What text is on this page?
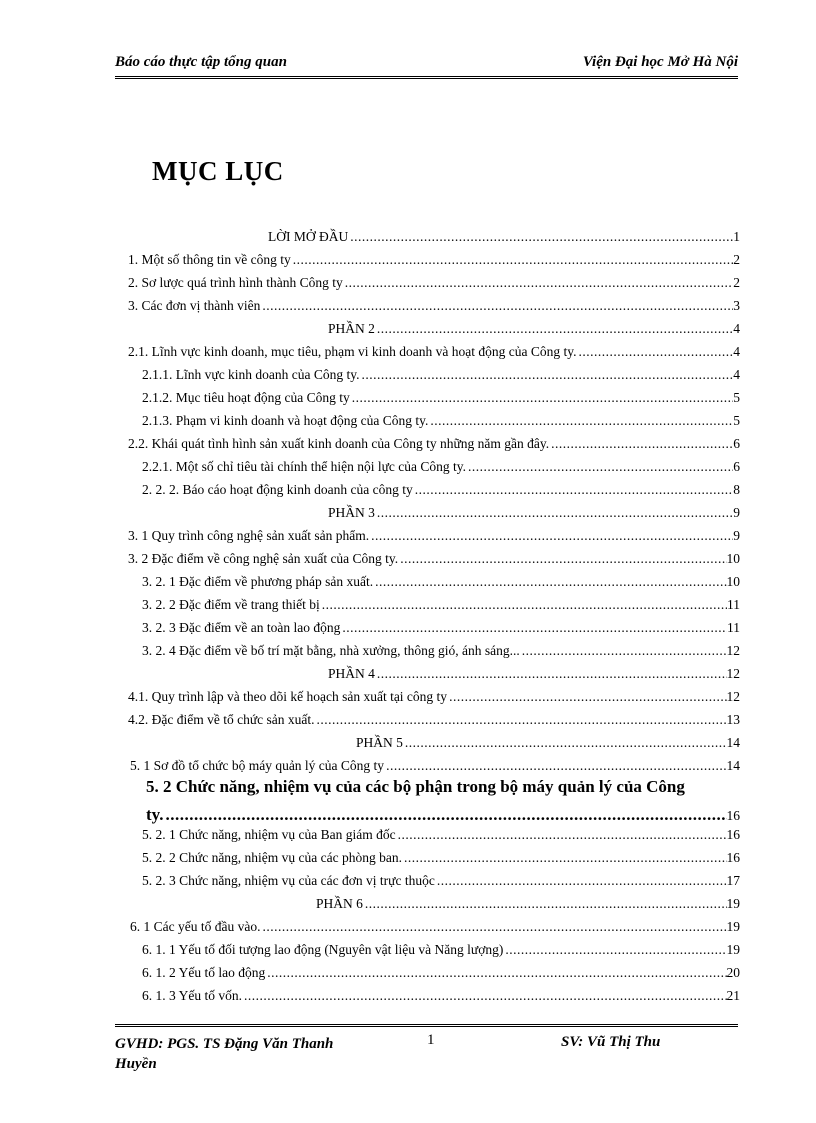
Báo cáo thực tập tổng quan	Viện Đại học Mở Hà Nội
MỤC LỤC
LỜI MỞ ĐẦU .....	1
1. Một số thông tin về công ty .....	2
2. Sơ lược quá trình hình thành Công ty .....	2
3. Các đơn vị thành viên .....	3
PHẦN 2 .....	4
2.1. Lĩnh vực kinh doanh, mục tiêu, phạm vi kinh doanh và hoạt động của Công ty. .....	4
2.1.1. Lĩnh vực kinh doanh của Công ty. .....	4
2.1.2. Mục tiêu hoạt động của Công ty .....	5
2.1.3. Phạm vi kinh doanh và hoạt động của Công ty. .....	5
2.2. Khái quát tình hình sản xuất kinh doanh của Công ty những năm gần đây. .....	6
2.2.1. Một số chỉ tiêu tài chính thể hiện nội lực của Công ty. .....	6
2. 2. 2. Báo cáo hoạt động kinh doanh của công ty .....	8
PHẦN 3 .....	9
3. 1 Quy trình công nghệ sản xuất sản phẩm. .....	9
3. 2 Đặc điểm về công nghệ sản xuất của Công ty. .....	10
3. 2. 1 Đặc điểm về phương pháp sản xuất. .....	10
3. 2. 2 Đặc điểm về trang thiết bị .....	11
3. 2. 3 Đặc điểm về an toàn lao động .....	11
3. 2. 4 Đặc điểm về bố trí mặt bằng, nhà xưởng, thông gió, ánh sáng... .....	12
PHẦN 4 .....	12
4.1. Quy trình lập và theo dõi kế hoạch sản xuất tại công ty .....	12
4.2. Đặc điểm về tổ chức sản xuất. .....	13
PHẦN 5 .....	14
5. 1 Sơ đồ tổ chức bộ máy quản lý của Công ty .....	14
5. 2 Chức năng, nhiệm vụ của các bộ phận trong bộ máy quản lý của Công
ty. .....	16
5. 2. 1 Chức năng, nhiệm vụ của Ban giám đốc .....	16
5. 2. 2 Chức năng, nhiệm vụ của các phòng ban. .....	16
5. 2. 3 Chức năng, nhiệm vụ của các đơn vị trực thuộc .....	17
PHẦN 6 .....	19
6. 1 Các yếu tố đầu vào. .....	19
6. 1. 1 Yếu tố đối tượng lao động (Nguyên vật liệu và Năng lượng) .....	19
6. 1. 2 Yếu tố lao động .....	20
6. 1. 3 Yếu tố vốn. .....	21
GVHD: PGS. TS Đặng Văn Thanh Huyền
1	SV: Vũ Thị Thu
